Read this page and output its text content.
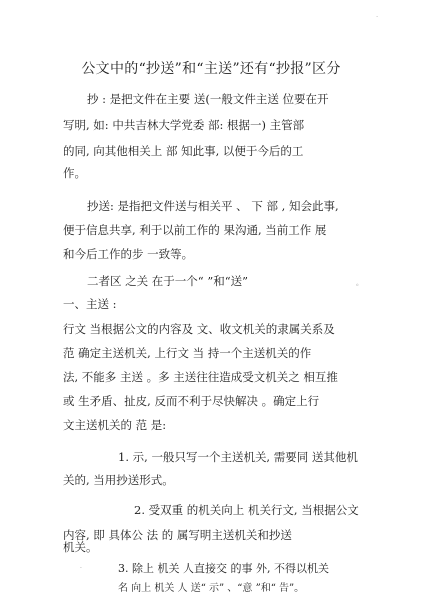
·
公文中的“抄送”和“主送”还有“抄报”区分
抄 : 是把文件在主要 送(一般文件主送 位要在开
写明, 如: 中共吉林大学党委 部: 根据一) 主管部
的同, 向其他相关上 部 知此事, 以便于今后的工
作。
抄送: 是指把文件送与相关平 、 下 部 , 知会此事,
便于信息共享, 利于以前工作的 果沟通, 当前工作 展
和今后工作的步 一致等。
二者区 之关 在于一个“ ”和“送”	。
一、主送 :
行文 当根据公文的内容及 文、收文机关的隶属关系及
范 确定主送机关, 上行文 当 持一个主送机关的作
法, 不能多 主送 。多 主送往往造成受文机关之 相互推
或 生矛盾、扯皮, 反而不利于尽快解决 。确定上行
文主送机关的 范 是:
1. 示, 一般只写一个主送机关, 需要同 送其他机
关的, 当用抄送形式。
2. 受双重 的机关向上 机关行文, 当根据公文
内容, 即 具体公 法 的 属写明主送机关和抄送
机关。
3. 除上 机关 人直接交 的事 外, 不得以机关
·
名 向上 机关 人 送“ 示” 、“意 ”和“ 告”。
